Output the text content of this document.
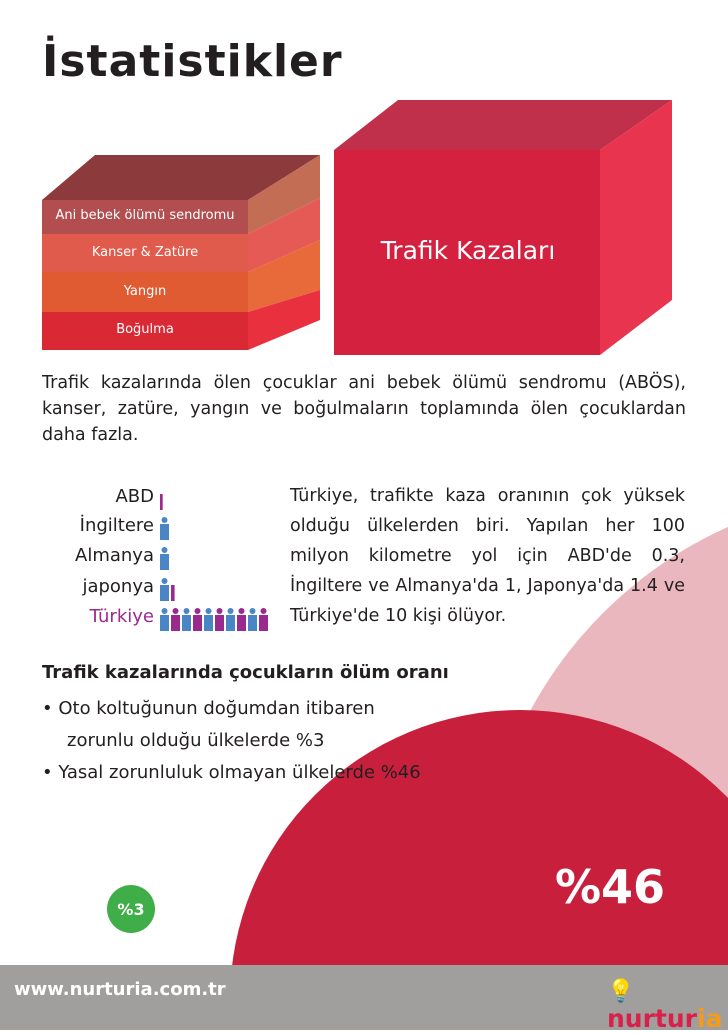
İstatistikler
Ani bebek ölümü sendromu
Kanser & Zatüre
Yangın
Boğulma
Trafik Kazaları
Trafik kazalarında ölen çocuklar ani bebek ölümü sendromu (ABÖS), kanser, zatüre, yangın ve boğulmaların toplamında ölen çocuklardan daha fazla.
ABD
İngiltere
Almanya
japonya
Türkiye
Türkiye, trafikte kaza oranının çok yüksek olduğu ülkelerden biri. Yapılan her 100 milyon kilometre yol için ABD'de 0.3, İngiltere ve Almanya'da 1, Japonya'da 1.4 ve Türkiye'de 10 kişi ölüyor.
Trafik kazalarında çocukların ölüm oranı
• Oto koltuğunun doğumdan itibaren
zorunlu olduğu ülkelerde %3
• Yasal zorunluluk olmayan ülkelerde %46
%3	%46
www.nurturia.com.tr	💡nurturia
